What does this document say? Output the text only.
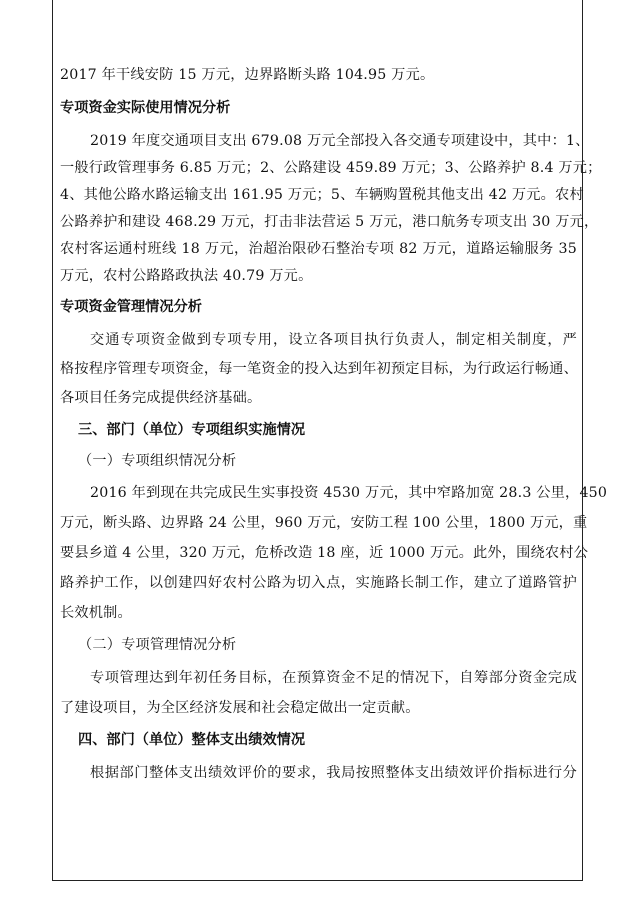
2017 年干线安防 15 万元，边界路断头路 104.95 万元。
专项资金实际使用情况分析
2019 年度交通项目支出 679.08 万元全部投入各交通专项建设中，其中：1、
一般行政管理事务 6.85 万元；2、公路建设 459.89 万元；3、公路养护 8.4 万元；
4、其他公路水路运输支出 161.95 万元；5、车辆购置税其他支出 42 万元。农村
公路养护和建设 468.29 万元，打击非法营运 5 万元，港口航务专项支出 30 万元，
农村客运通村班线 18 万元，治超治限砂石整治专项 82 万元，道路运输服务 35
万元，农村公路路政执法 40.79 万元。
专项资金管理情况分析
交通专项资金做到专项专用，设立各项目执行负责人，制定相关制度，严
格按程序管理专项资金，每一笔资金的投入达到年初预定目标，为行政运行畅通、
各项目任务完成提供经济基础。
三、部门（单位）专项组织实施情况
（一）专项组织情况分析
2016 年到现在共完成民生实事投资 4530 万元，其中窄路加宽 28.3 公里，450
万元，断头路、边界路 24 公里，960 万元，安防工程 100 公里，1800 万元，重
要县乡道 4 公里，320 万元，危桥改造 18 座，近 1000 万元。此外，围绕农村公
路养护工作，以创建四好农村公路为切入点，实施路长制工作，建立了道路管护
长效机制。
（二）专项管理情况分析
专项管理达到年初任务目标，在预算资金不足的情况下，自筹部分资金完成
了建设项目，为全区经济发展和社会稳定做出一定贡献。
四、部门（单位）整体支出绩效情况
根据部门整体支出绩效评价的要求，我局按照整体支出绩效评价指标进行分
